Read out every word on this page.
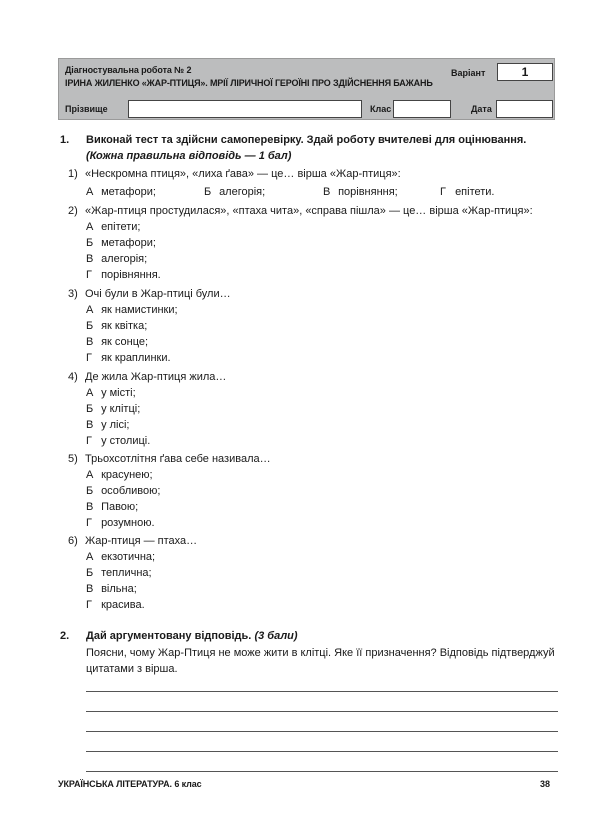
Діагностувальна робота № 2
ІРИНА ЖИЛЕНКО «ЖАР-ПТИЦЯ». МРІЇ ЛІРИЧНОЇ ГЕРОЇНІ ПРО ЗДІЙСНЕННЯ БАЖАНЬ
Варіант	1
Прізвище	Клас	Дата
1. Виконай тест та здійсни самоперевірку. Здай роботу вчителеві для оцінювання. (Кожна правильна відповідь — 1 бал)
1) «Нескромна птиця», «лиха ґава» — це… вірша «Жар-птиця»:
А метафори;	Б алегорія;	В порівняння;	Г епітети.
2) «Жар-птиця простудилася», «птаха чита», «справа пішла» — це… вірша «Жар-птиця»:
А епітети;
Б метафори;
В алегорія;
Г порівняння.
3) Очі були в Жар-птиці були…
А як намистинки;
Б як квітка;
В як сонце;
Г як краплинки.
4) Де жила Жар-птиця жила…
А у місті;
Б у клітці;
В у лісі;
Г у столиці.
5) Трьохсотлітня ґава себе називала…
А красунею;
Б особливою;
В Павою;
Г розумною.
6) Жар-птиця — птаха…
А екзотична;
Б теплична;
В вільна;
Г красива.
2. Дай аргументовану відповідь. (3 бали)
Поясни, чому Жар-Птиця не може жити в клітці. Яке її призначення? Відповідь підтверджуй цитатами з вірша.
УКРАЇНСЬКА ЛІТЕРАТУРА. 6 клас	38
